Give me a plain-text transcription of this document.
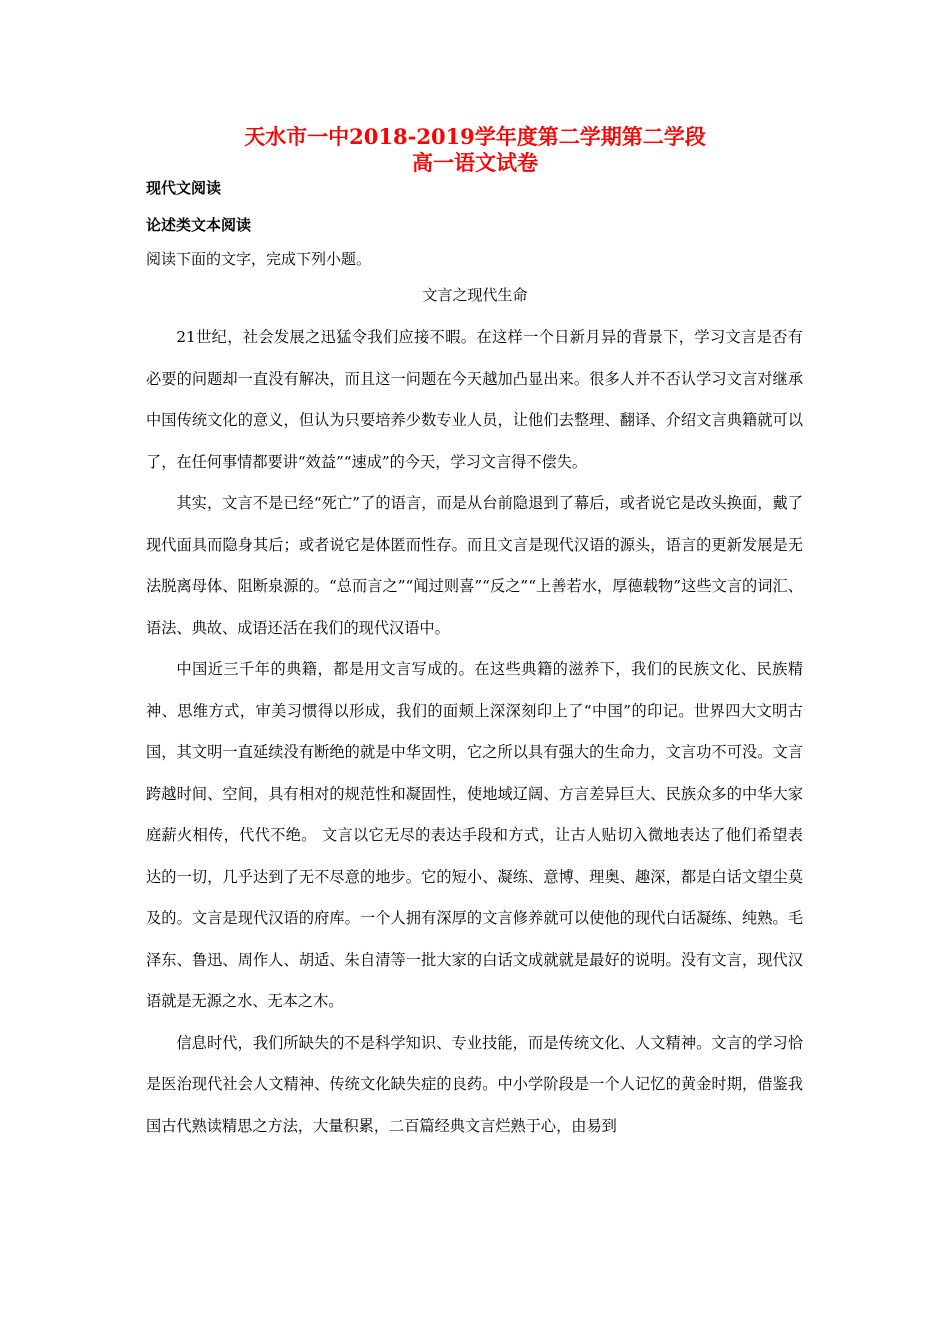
天水市一中2018-2019学年度第二学期第二学段
高一语文试卷
现代文阅读
论述类文本阅读
阅读下面的文字，完成下列小题。
文言之现代生命

21世纪，社会发展之迅猛令我们应接不暇。在这样一个日新月异的背景下，学习文言是否有必要的问题却一直没有解决，而且这一问题在今天越加凸显出来。很多人并不否认学习文言对继承中国传统文化的意义，但认为只要培养少数专业人员，让他们去整理、翻译、介绍文言典籍就可以了，在任何事情都要讲“效益”“速成”的今天，学习文言得不偿失。

其实，文言不是已经“死亡”了的语言，而是从台前隐退到了幕后，或者说它是改头换面，戴了现代面具而隐身其后；或者说它是体匿而性存。而且文言是现代汉语的源头，语言的更新发展是无法脱离母体、阻断泉源的。“总而言之”“闻过则喜”“反之”“上善若水，厚德载物”这些文言的词汇、语法、典故、成语还活在我们的现代汉语中。

中国近三千年的典籍，都是用文言写成的。在这些典籍的滋养下，我们的民族文化、民族精神、思维方式，审美习惯得以形成，我们的面颊上深深刻印上了“中国”的印记。世界四大文明古国，其文明一直延续没有断绝的就是中华文明，它之所以具有强大的生命力，文言功不可没。文言跨越时间、空间，具有相对的规范性和凝固性，使地域辽阔、方言差异巨大、民族众多的中华大家庭薪火相传，代代不绝。 文言以它无尽的表达手段和方式，让古人贴切入微地表达了他们希望表达的一切，几乎达到了无不尽意的地步。它的短小、凝练、意博、理奥、趣深，都是白话文望尘莫及的。文言是现代汉语的府库。一个人拥有深厚的文言修养就可以使他的现代白话凝练、纯熟。毛泽东、鲁迅、周作人、胡适、朱自清等一批大家的白话文成就就是最好的说明。没有文言，现代汉语就是无源之水、无本之木。

信息时代，我们所缺失的不是科学知识、专业技能，而是传统文化、人文精神。文言的学习恰是医治现代社会人文精神、传统文化缺失症的良药。中小学阶段是一个人记忆的黄金时期，借鉴我国古代熟读精思之方法，大量积累，二百篇经典文言烂熟于心，由易到
